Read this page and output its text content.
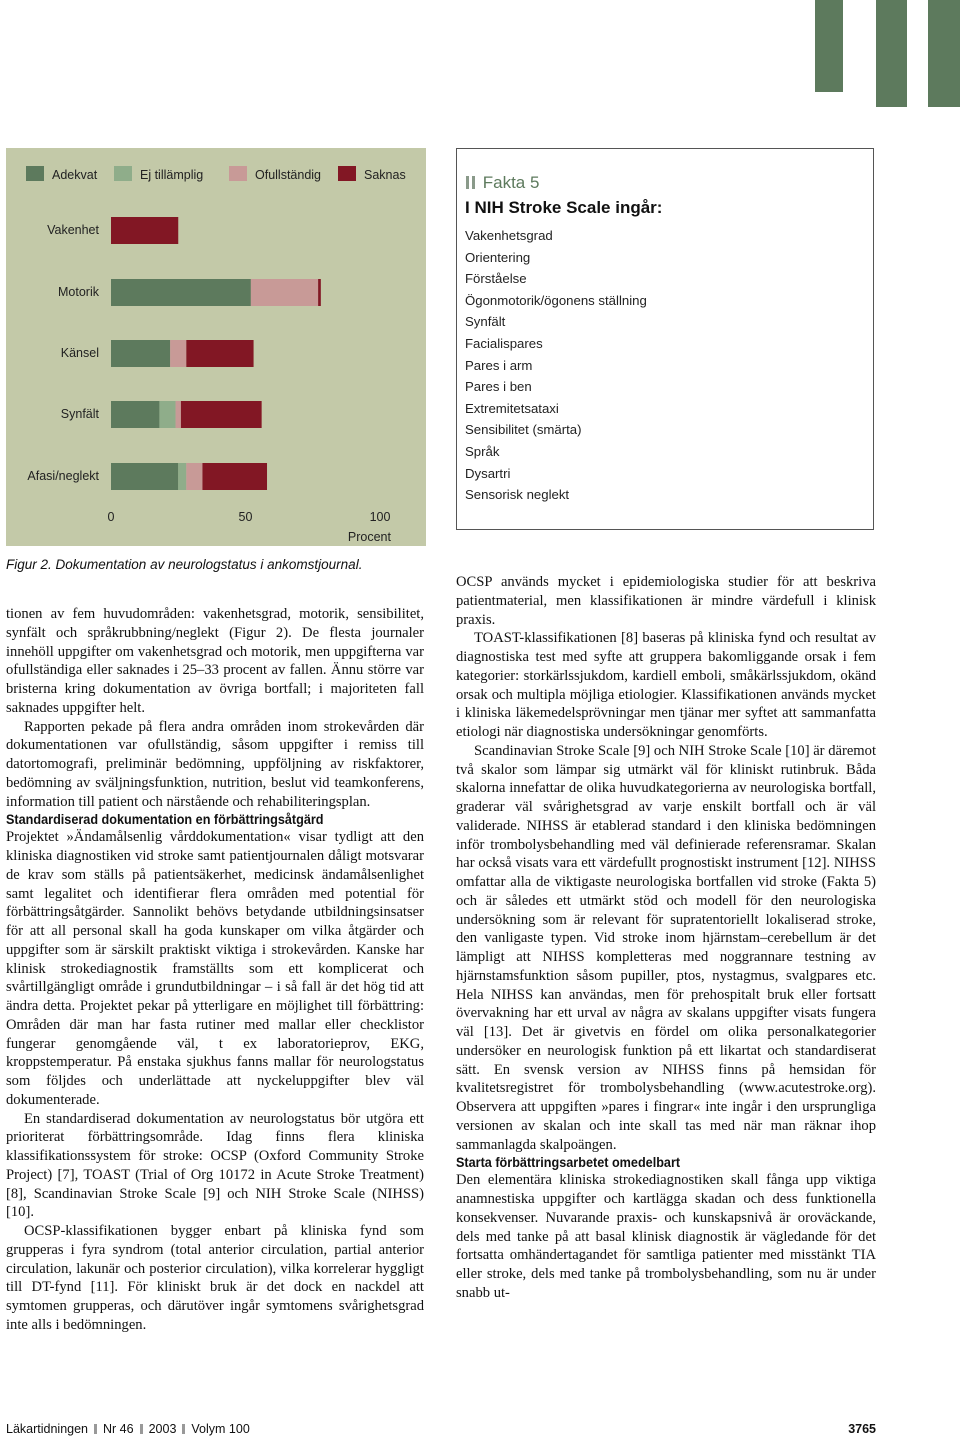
Adekvat	Ej tillämplig	Ofullständig	Saknas
Vakenhet
Motorik
Känsel
Synfält
Afasi/neglekt
0	50	100
Procent
Figur 2. Dokumentation av neurologstatus i ankomstjournal.
Fakta 5
I NIH Stroke Scale ingår:
Vakenhetsgrad
Orientering
Förståelse
Ögonmotorik/ögonens ställning
Synfält
Facialispares
Pares i arm
Pares i ben
Extremitetsataxi
Sensibilitet (smärta)
Språk
Dysartri
Sensorisk neglekt

tionen av fem huvudområden: vakenhetsgrad, motorik, sensibilitet, synfält och språkrubbning/neglekt (Figur 2). De flesta journaler innehöll uppgifter om vakenhetsgrad och motorik, men uppgifterna var ofullständiga eller saknades i 25–33 procent av fallen. Ännu större var bristerna kring dokumentation av övriga bortfall; i majoriteten fall saknades uppgifter helt.

Rapporten pekade på flera andra områden inom strokevården där dokumentationen var ofullständig, såsom uppgifter i remiss till datortomografi, preliminär bedömning, uppföljning av riskfaktorer, bedömning av sväljningsfunktion, nutrition, beslut vid teamkonferens, information till patient och närstående och rehabiliteringsplan.

Standardiserad dokumentation en förbättringsåtgärd

Projektet »Ändamålsenlig vårddokumentation« visar tydligt att den kliniska diagnostiken vid stroke samt patientjournalen dåligt motsvarar de krav som ställs på patientsäkerhet, medicinsk ändamålsenlighet samt legalitet och identifierar flera områden med potential för förbättringsåtgärder. Sannolikt behövs betydande utbildningsinsatser för att all personal skall ha goda kunskaper om vilka åtgärder och uppgifter som är särskilt praktiskt viktiga i strokevården. Kanske har klinisk strokediagnostik framställts som ett komplicerat och svårtillgängligt område i grundutbildningar – i så fall är det hög tid att ändra detta. Projektet pekar på ytterligare en möjlighet till förbättring: Områden där man har fasta rutiner med mallar eller checklistor fungerar genomgående väl, t ex laboratorieprov, EKG, kroppstemperatur. På enstaka sjukhus fanns mallar för neurologstatus som följdes och underlättade att nyckeluppgifter blev väl dokumenterade.

En standardiserad dokumentation av neurologstatus bör utgöra ett prioriterat förbättringsområde. Idag finns flera kliniska klassifikationssystem för stroke: OCSP (Oxford Community Stroke Project) [7], TOAST (Trial of Org 10172 in Acute Stroke Treatment) [8], Scandinavian Stroke Scale [9] och NIH Stroke Scale (NIHSS) [10].

OCSP-klassifikationen bygger enbart på kliniska fynd som grupperas i fyra syndrom (total anterior circulation, partial anterior circulation, lakunär och posterior circulation), vilka korrelerar hyggligt till DT-fynd [11]. För kliniskt bruk är det dock en nackdel att symtomen grupperas, och därutöver ingår symtomens svårighetsgrad inte alls i bedömningen.

OCSP används mycket i epidemiologiska studier för att beskriva patientmaterial, men klassifikationen är mindre värdefull i klinisk praxis.

TOAST-klassifikationen [8] baseras på kliniska fynd och resultat av diagnostiska test med syfte att gruppera bakomliggande orsak i fem kategorier: storkärlssjukdom, kardiell emboli, småkärlssjukdom, okänd orsak och multipla möjliga etiologier. Klassifikationen används mycket i kliniska läkemedelsprövningar men tjänar mer syftet att sammanfatta etiologi när diagnostiska undersökningar genomförts.

Scandinavian Stroke Scale [9] och NIH Stroke Scale [10] är däremot två skalor som lämpar sig utmärkt väl för kliniskt rutinbruk. Båda skalorna innefattar de olika huvudkategorierna av neurologiska bortfall, graderar väl svårighetsgrad av varje enskilt bortfall och är väl validerade. NIHSS är etablerad standard i den kliniska bedömningen inför trombolysbehandling med väl definierade referensramar. Skalan har också visats vara ett värdefullt prognostiskt instrument [12]. NIHSS omfattar alla de viktigaste neurologiska bortfallen vid stroke (Fakta 5) och är således ett utmärkt stöd och modell för den neurologiska undersökning som är relevant för supratentoriellt lokaliserad stroke, den vanligaste typen. Vid stroke inom hjärnstam–cerebellum är det lämpligt att NIHSS kompletteras med noggrannare testning av hjärnstamsfunktion såsom pupiller, ptos, nystagmus, svalgpares etc. Hela NIHSS kan användas, men för prehospitalt bruk eller fortsatt övervakning har ett urval av några av skalans uppgifter visats fungera väl [13]. Det är givetvis en fördel om olika personalkategorier undersöker en neurologisk funktion på ett likartat och standardiserat sätt. En svensk version av NIHSS finns på hemsidan för kvalitetsregistret för trombolysbehandling (www.acutestroke.org). Observera att uppgiften »pares i fingrar« inte ingår i den ursprungliga versionen av skalan och inte skall tas med när man räknar ihop sammanlagda skalpoängen.

Starta förbättringsarbetet omedelbart

Den elementära kliniska strokediagnostiken skall fånga upp viktiga anamnestiska uppgifter och kartlägga skadan och dess funktionella konsekvenser. Nuvarande praxis- och kunskapsnivå är oroväckande, dels med tanke på att basal klinisk diagnostik är vägledande för det fortsatta omhändertagandet för samtliga patienter med misstänkt TIA eller stroke, dels med tanke på trombolysbehandling, som nu är under snabb ut-

Läkartidningen Nr 46 2003 Volym 100	3765
